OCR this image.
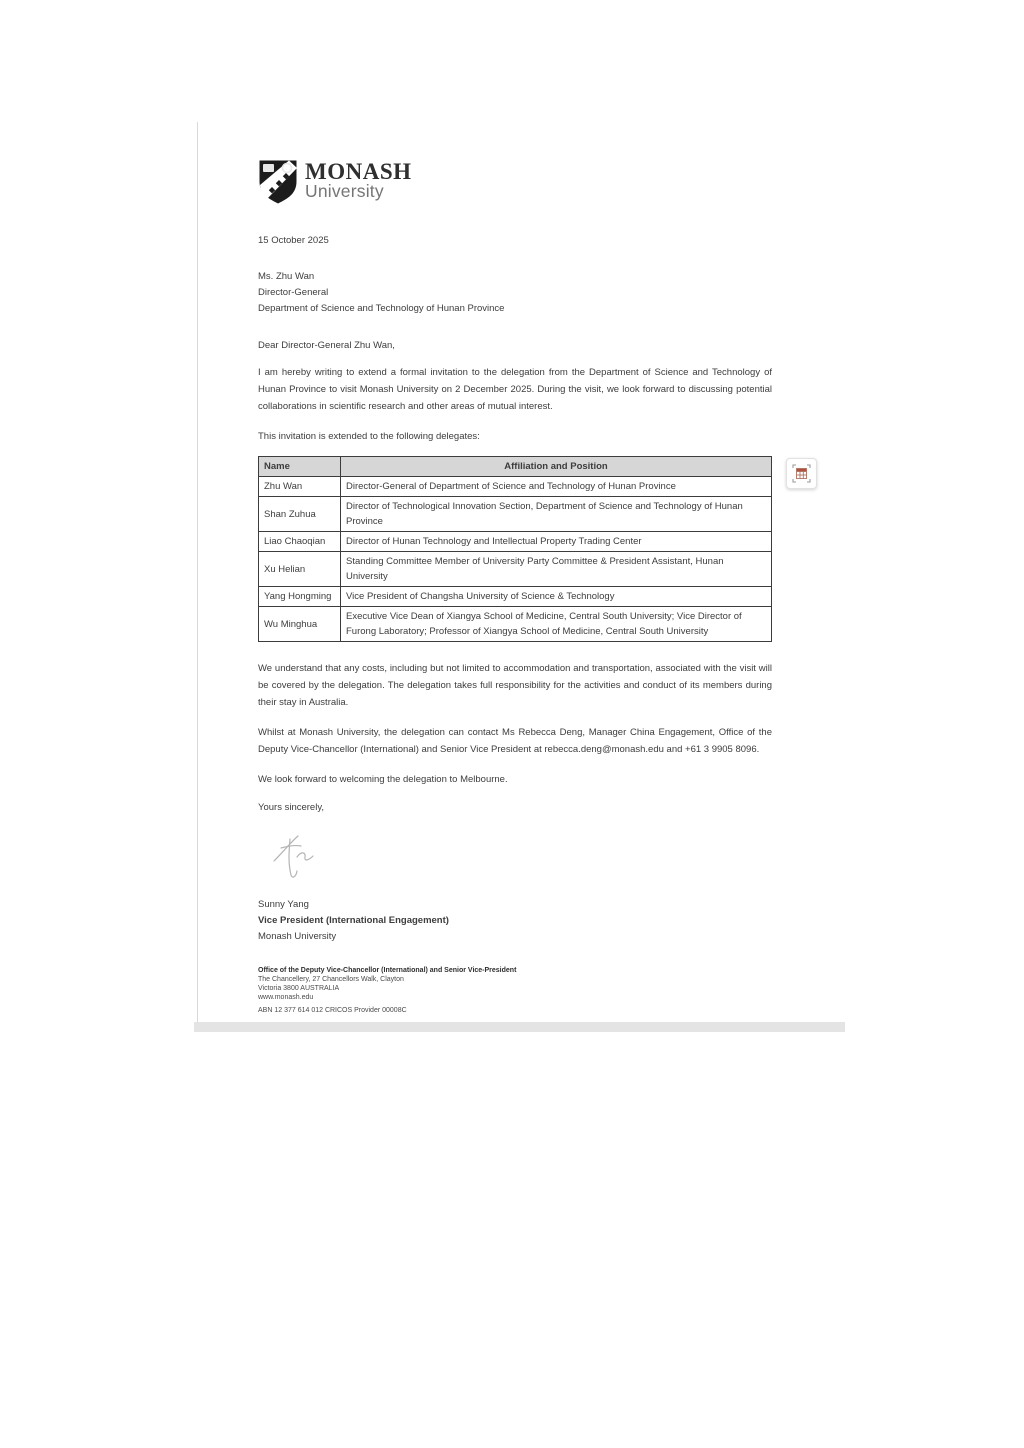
MONASH
University
15 October 2025
Ms. Zhu Wan
Director-General
Department of Science and Technology of Hunan Province
Dear Director-General Zhu Wan,

I am hereby writing to extend a formal invitation to the delegation from the Department of Science and Technology of Hunan Province to visit Monash University on 2 December 2025. During the visit, we look forward to discussing potential collaborations in scientific research and other areas of mutual interest.

This invitation is extended to the following delegates:

Name	Affiliation and Position
Zhu Wan	Director-General of Department of Science and Technology of Hunan Province
Shan Zuhua	Director of Technological Innovation Section, Department of Science and Technology of Hunan Province
Liao Chaoqian	Director of Hunan Technology and Intellectual Property Trading Center
Xu Helian	Standing Committee Member of University Party Committee & President Assistant, Hunan University
Yang Hongming	Vice President of Changsha University of Science & Technology
Wu Minghua	Executive Vice Dean of Xiangya School of Medicine, Central South University; Vice Director of Furong Laboratory; Professor of Xiangya School of Medicine, Central South University

We understand that any costs, including but not limited to accommodation and transportation, associated with the visit will be covered by the delegation. The delegation takes full responsibility for the activities and conduct of its members during their stay in Australia.

Whilst at Monash University, the delegation can contact Ms Rebecca Deng, Manager China Engagement, Office of the Deputy Vice-Chancellor (International) and Senior Vice President at rebecca.deng@monash.edu and +61 3 9905 8096.

We look forward to welcoming the delegation to Melbourne.

Yours sincerely,
Sunny Yang
Vice President (International Engagement)
Monash University
Office of the Deputy Vice-Chancellor (International) and Senior Vice-President
The Chancellery, 27 Chancellors Walk, Clayton
Victoria 3800 AUSTRALIA
www.monash.edu
ABN 12 377 614 012 CRICOS Provider 00008C
